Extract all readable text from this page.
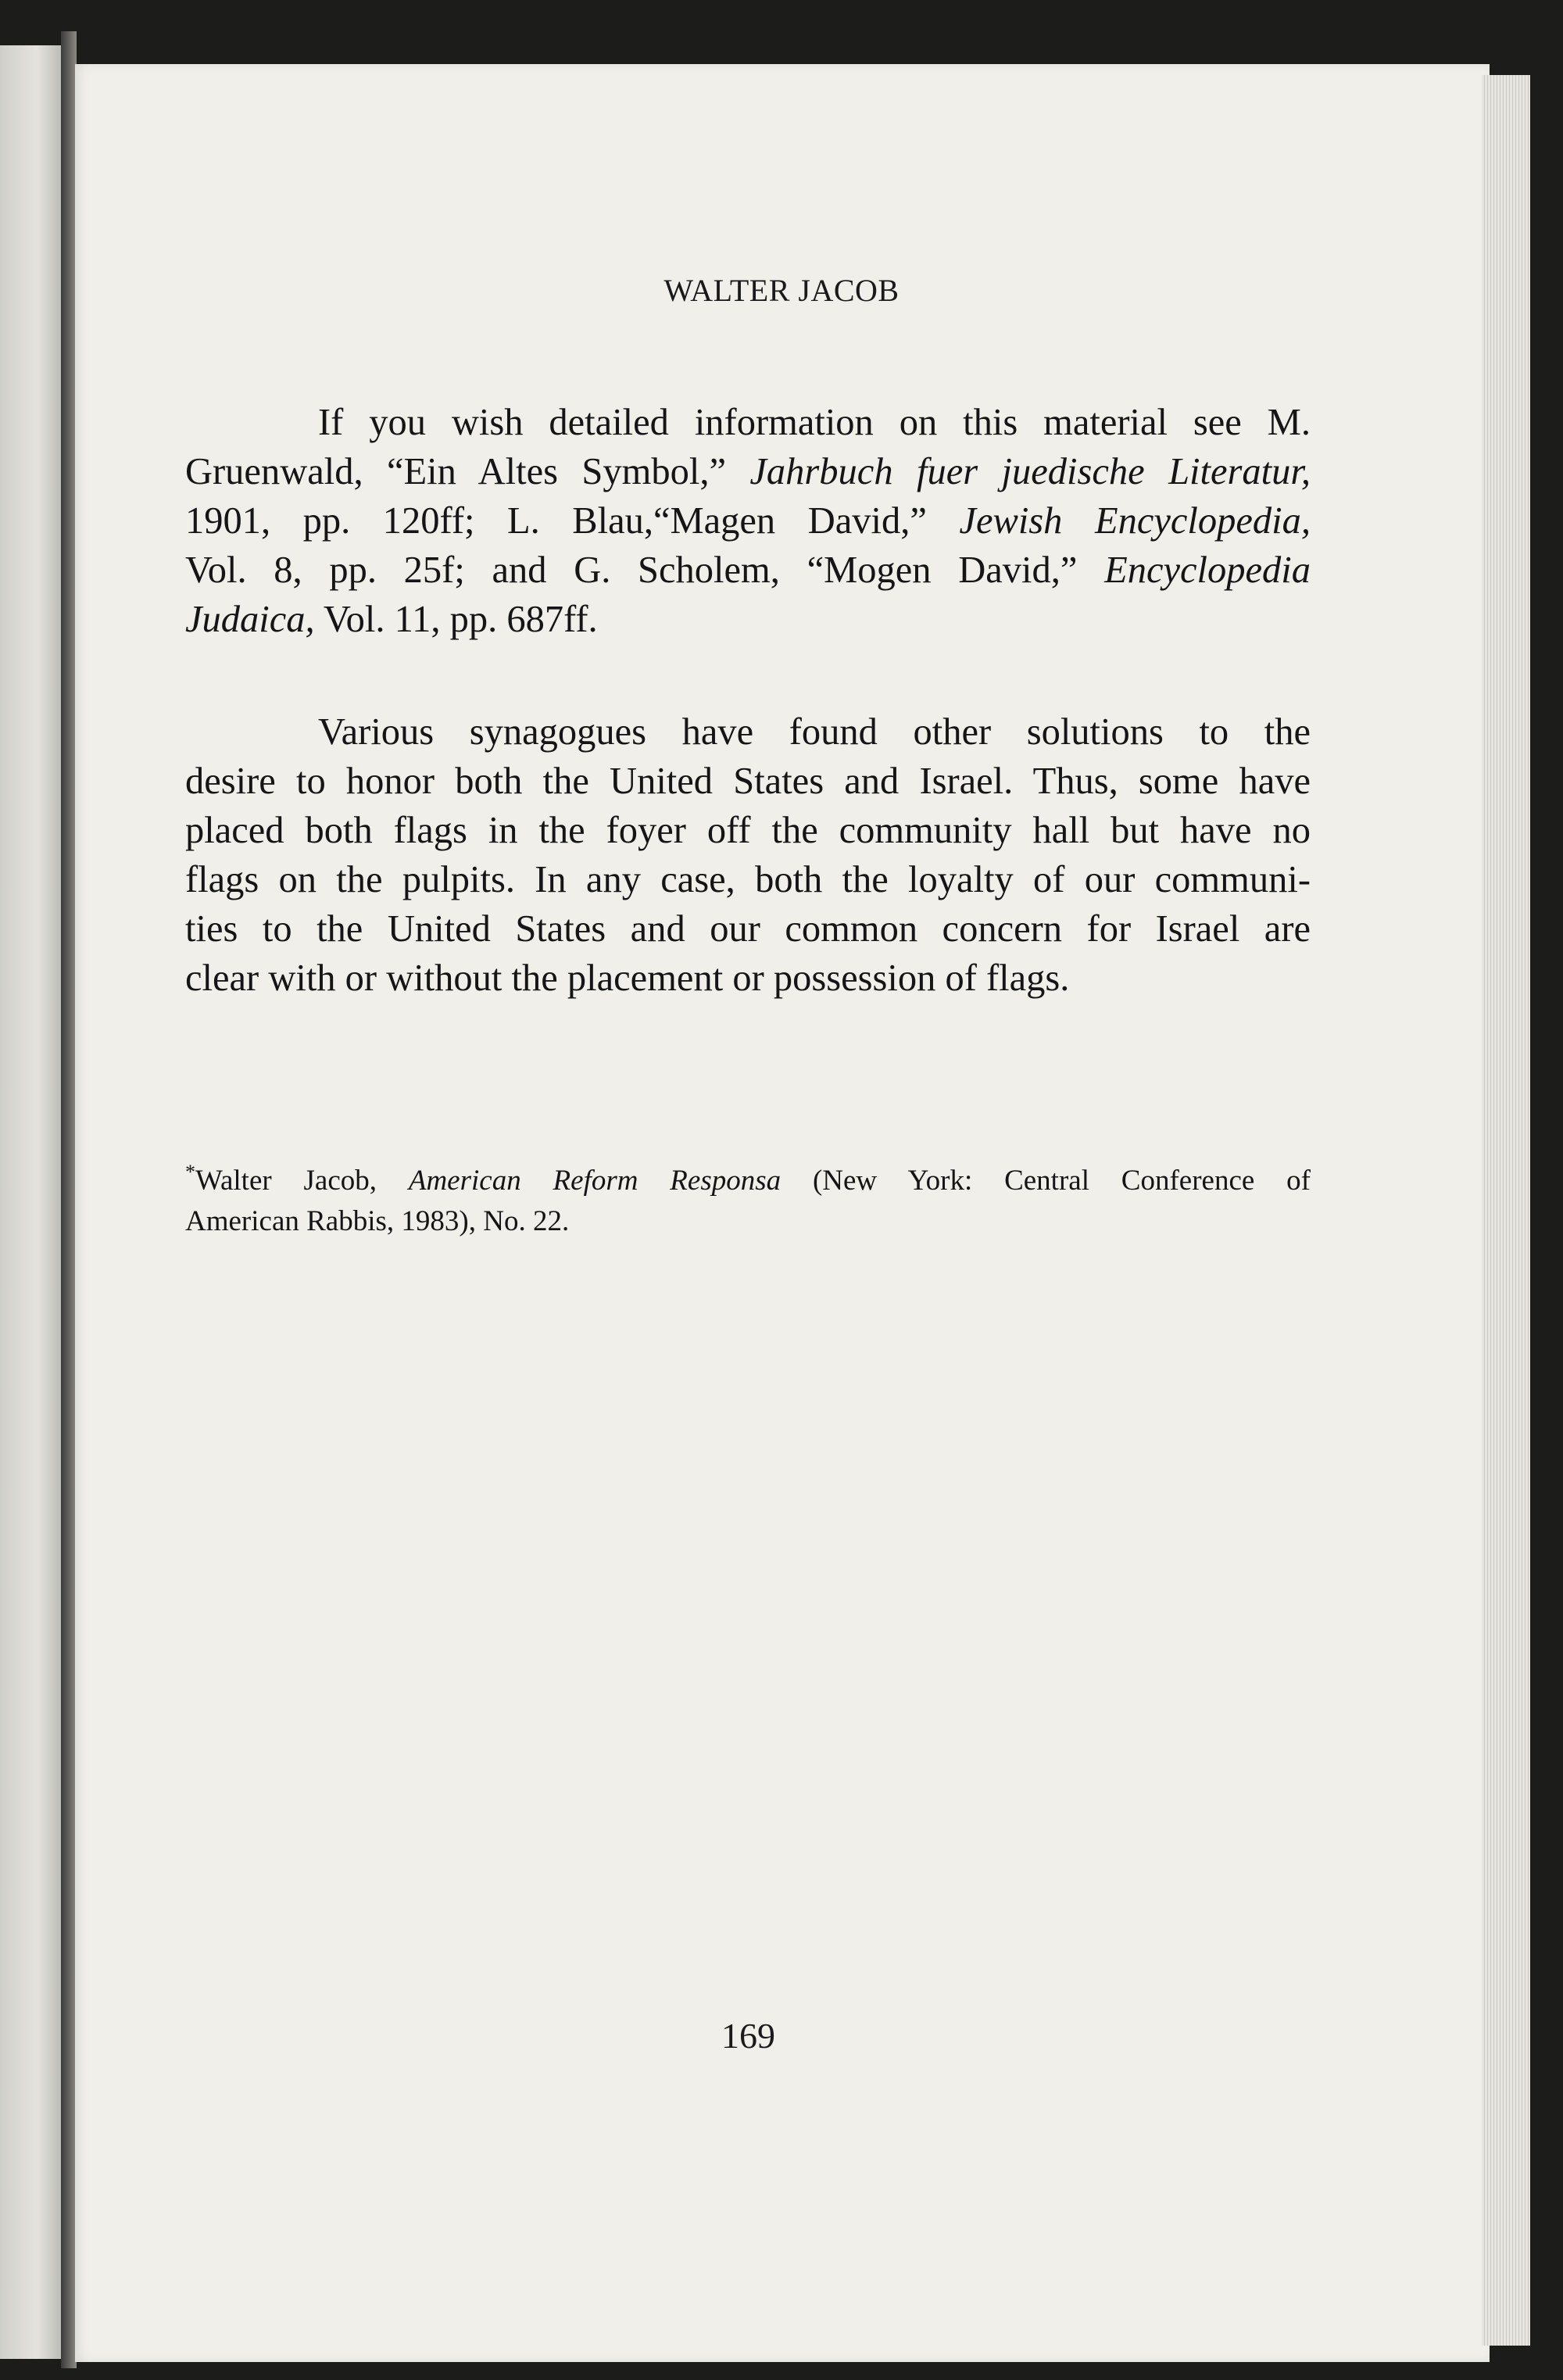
WALTER JACOB
If you wish detailed information on this material see M.
Gruenwald, “Ein Altes Symbol,” Jahrbuch fuer juedische Literatur,
1901, pp. 120ff; L. Blau,“Magen David,” Jewish Encyclopedia,
Vol. 8, pp. 25f; and G. Scholem, “Mogen David,” Encyclopedia
Judaica, Vol. 11, pp. 687ff.
Various synagogues have found other solutions to the
desire to honor both the United States and Israel. Thus, some have
placed both flags in the foyer off the community hall but have no
flags on the pulpits. In any case, both the loyalty of our communi-
ties to the United States and our common concern for Israel are
clear with or without the placement or possession of flags.
*Walter Jacob, American Reform Responsa (New York: Central Conference of
American Rabbis, 1983), No. 22.
169
